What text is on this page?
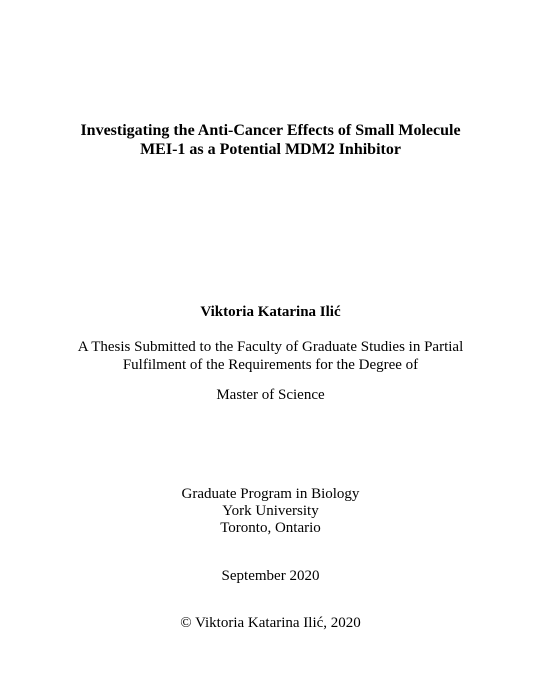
Investigating the Anti-Cancer Effects of Small Molecule
MEI-1 as a Potential MDM2 Inhibitor
Viktoria Katarina Ilić
A Thesis Submitted to the Faculty of Graduate Studies in Partial
Fulfilment of the Requirements for the Degree of
Master of Science
Graduate Program in Biology
York University
Toronto, Ontario
September 2020
© Viktoria Katarina Ilić, 2020
